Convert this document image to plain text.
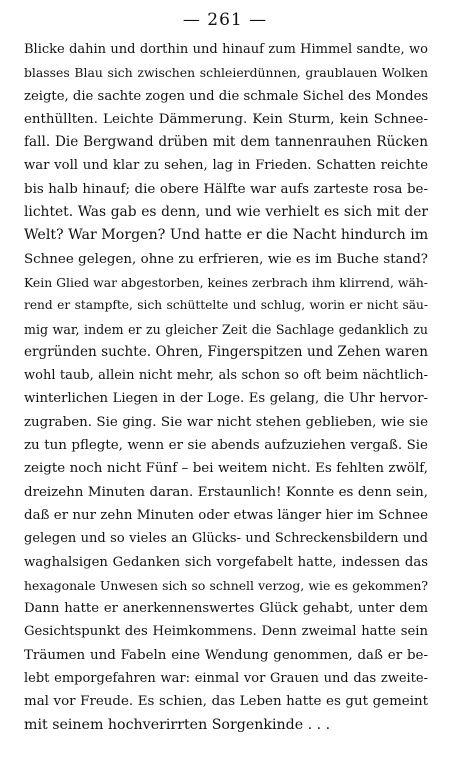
— 261 —
Blicke dahin und dorthin und hinauf zum Himmel sandte, wo
blasses Blau sich zwischen schleierdünnen, graublauen Wolken
zeigte, die sachte zogen und die schmale Sichel des Mondes
enthüllten. Leichte Dämmerung. Kein Sturm, kein Schnee-
fall. Die Bergwand drüben mit dem tannenrauhen Rücken
war voll und klar zu sehen, lag in Frieden. Schatten reichte
bis halb hinauf; die obere Hälfte war aufs zarteste rosa be-
lichtet. Was gab es denn, und wie verhielt es sich mit der
Welt? War Morgen? Und hatte er die Nacht hindurch im
Schnee gelegen, ohne zu erfrieren, wie es im Buche stand?
Kein Glied war abgestorben, keines zerbrach ihm klirrend, wäh-
rend er stampfte, sich schüttelte und schlug, worin er nicht säu-
mig war, indem er zu gleicher Zeit die Sachlage gedanklich zu
ergründen suchte. Ohren, Fingerspitzen und Zehen waren
wohl taub, allein nicht mehr, als schon so oft beim nächtlich-
winterlichen Liegen in der Loge. Es gelang, die Uhr hervor-
zugraben. Sie ging. Sie war nicht stehen geblieben, wie sie
zu tun pflegte, wenn er sie abends aufzuziehen vergaß. Sie
zeigte noch nicht Fünf – bei weitem nicht. Es fehlten zwölf,
dreizehn Minuten daran. Erstaunlich! Konnte es denn sein,
daß er nur zehn Minuten oder etwas länger hier im Schnee
gelegen und so vieles an Glücks- und Schreckensbildern und
waghalsigen Gedanken sich vorgefabelt hatte, indessen das
hexagonale Unwesen sich so schnell verzog, wie es gekommen?
Dann hatte er anerkennenswertes Glück gehabt, unter dem
Gesichtspunkt des Heimkommens. Denn zweimal hatte sein
Träumen und Fabeln eine Wendung genommen, daß er be-
lebt emporgefahren war: einmal vor Grauen und das zweite-
mal vor Freude. Es schien, das Leben hatte es gut gemeint
mit seinem hochverirrten Sorgenkinde . . .
